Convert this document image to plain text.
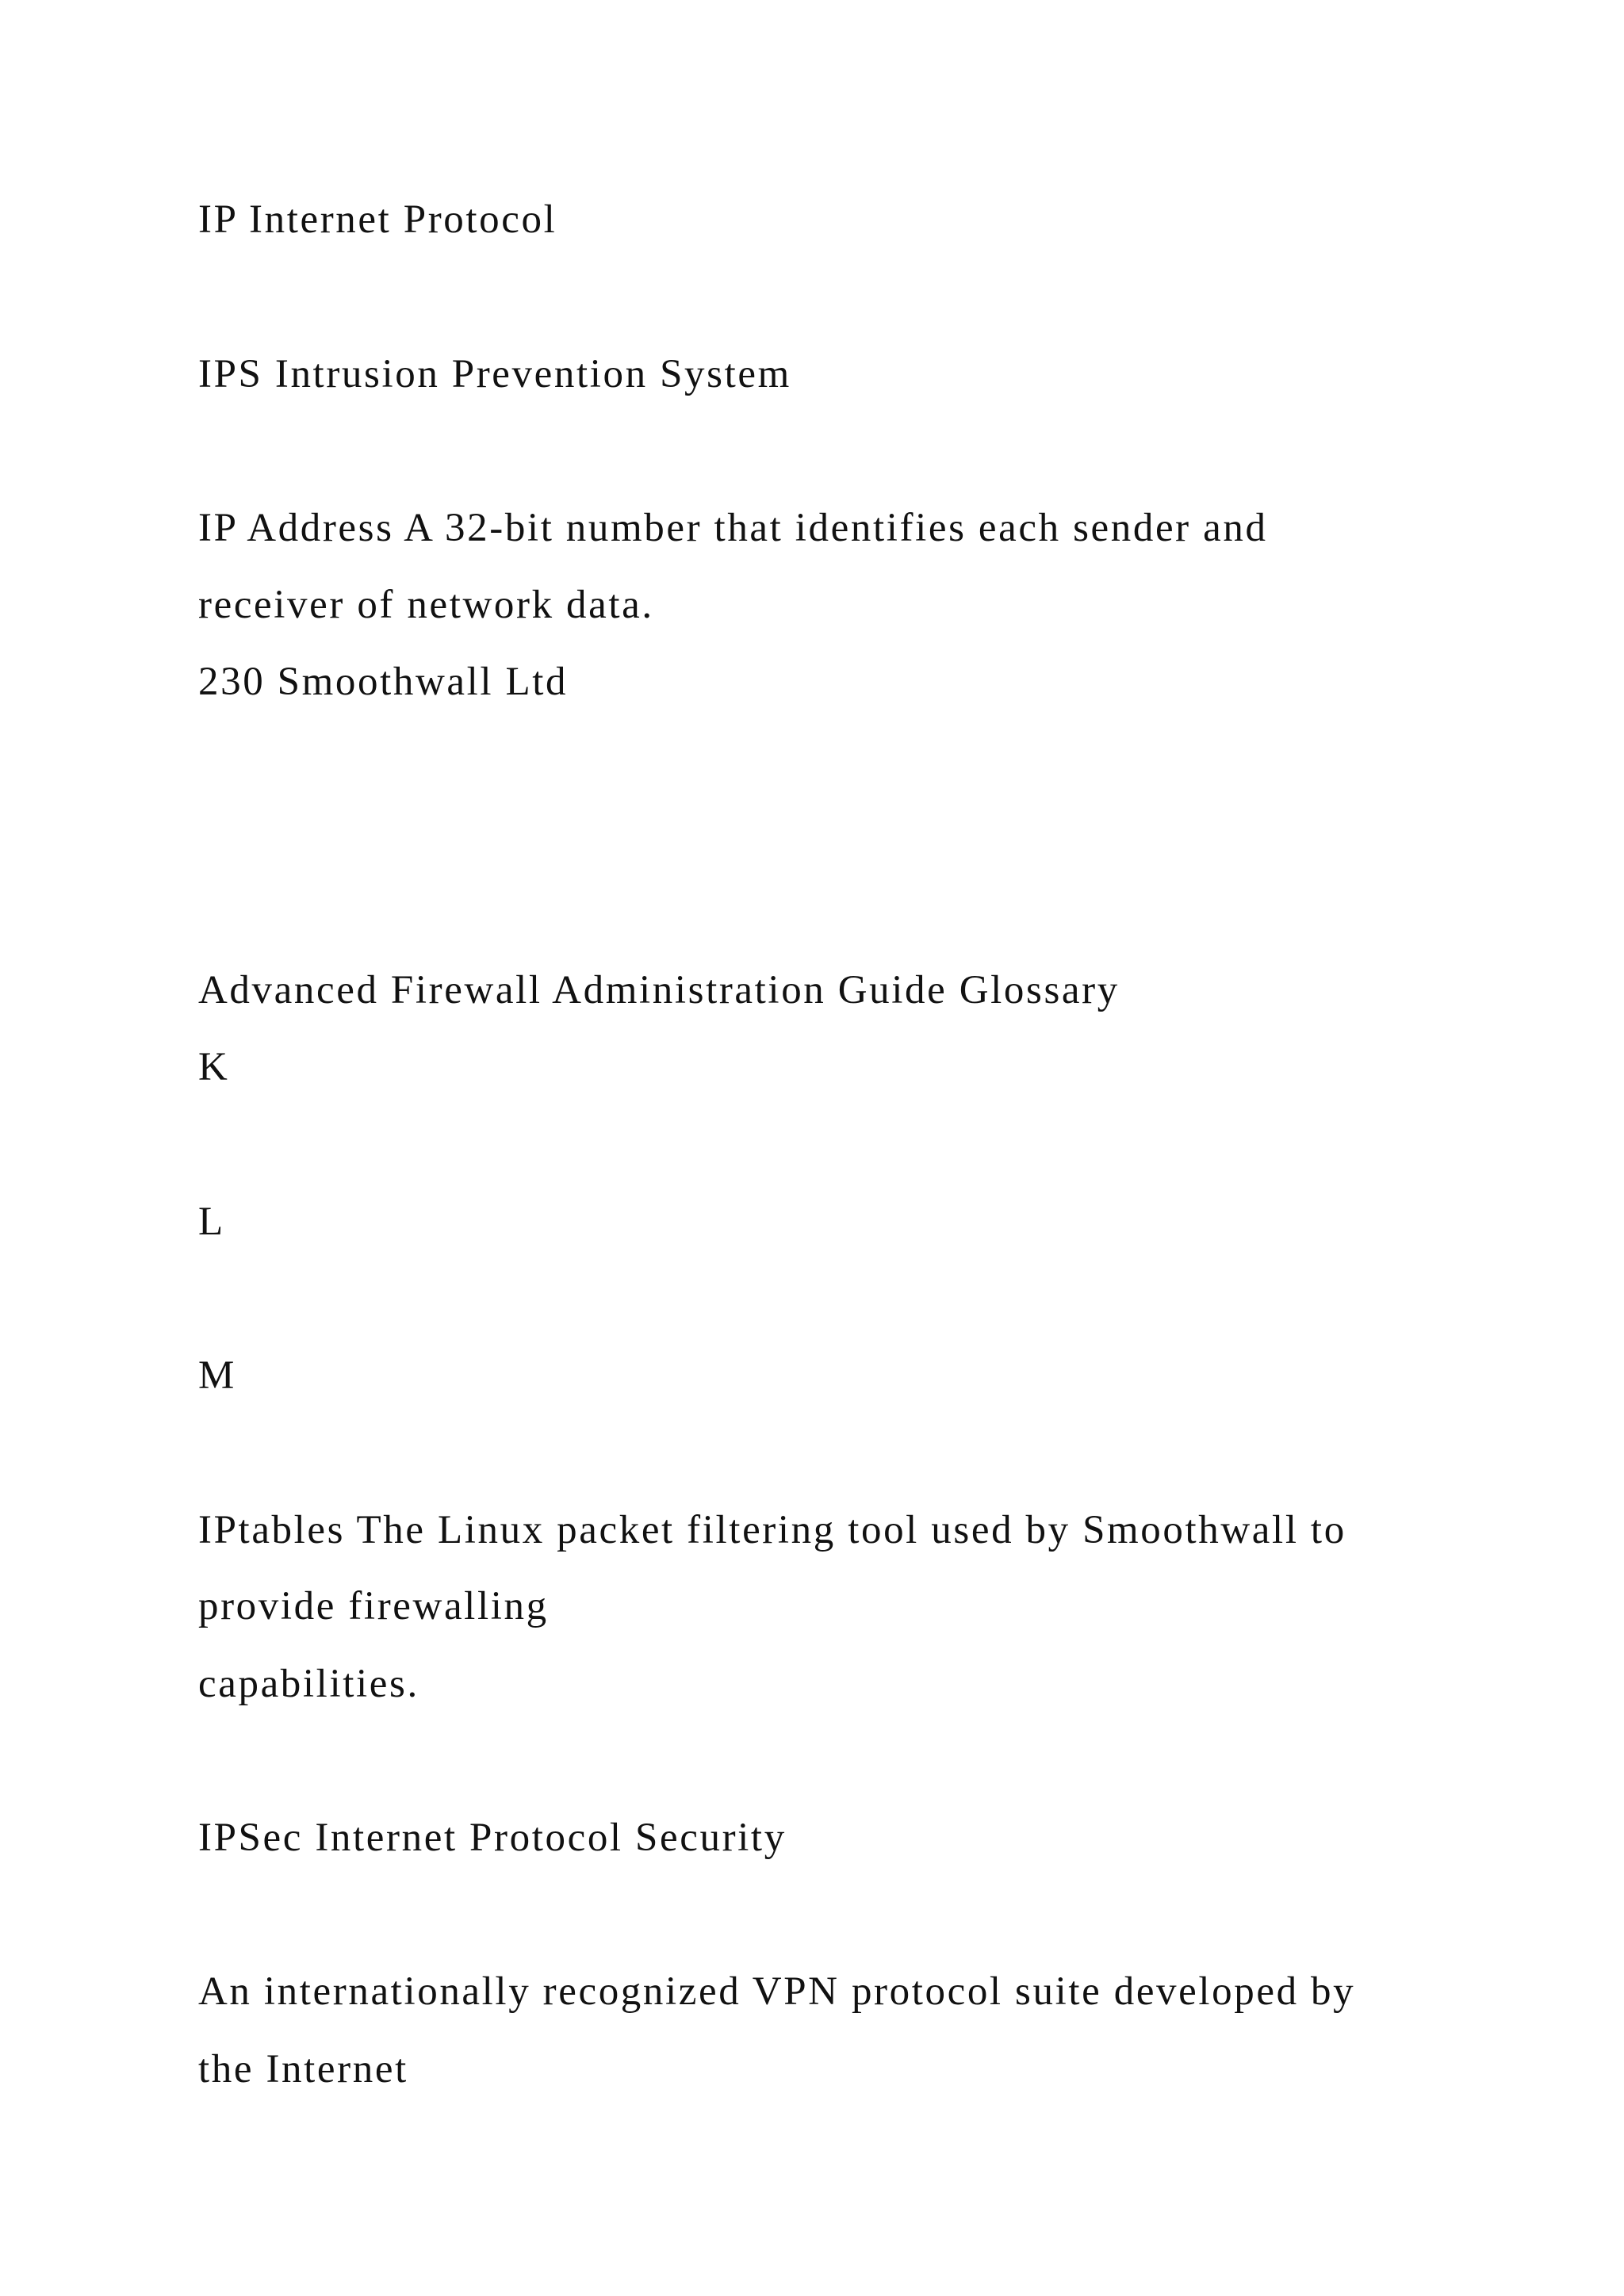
IP Internet Protocol

IPS Intrusion Prevention System

IP Address A 32-bit number that identifies each sender and

receiver of network data.

230 Smoothwall Ltd

Advanced Firewall Administration Guide Glossary

K

L

M

IPtables The Linux packet filtering tool used by Smoothwall to

provide firewalling

capabilities.

IPSec Internet Protocol Security

An internationally recognized VPN protocol suite developed by

the Internet
